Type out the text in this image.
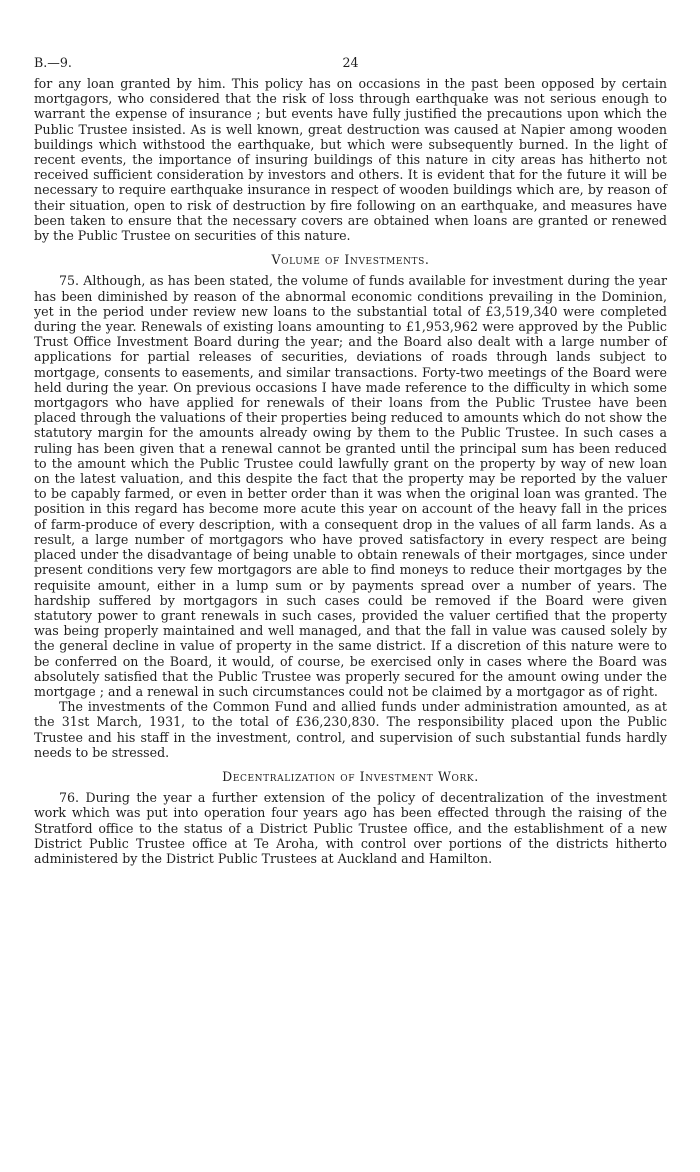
B.—9.	24

for any loan granted by him. This policy has on occasions in the past been opposed by certain mortgagors, who considered that the risk of loss through earthquake was not serious enough to warrant the expense of insurance ; but events have fully justified the precautions upon which the Public Trustee insisted. As is well known, great destruction was caused at Napier among wooden buildings which withstood the earthquake, but which were subsequently burned. In the light of recent events, the importance of insuring buildings of this nature in city areas has hitherto not received sufficient consideration by investors and others. It is evident that for the future it will be necessary to require earthquake insurance in respect of wooden buildings which are, by reason of their situation, open to risk of destruction by fire following on an earthquake, and measures have been taken to ensure that the necessary covers are obtained when loans are granted or renewed by the Public Trustee on securities of this nature.

Volume of Investments.

75. Although, as has been stated, the volume of funds available for investment during the year has been diminished by reason of the abnormal economic conditions prevailing in the Dominion, yet in the period under review new loans to the substantial total of £3,519,340 were completed during the year. Renewals of existing loans amounting to £1,953,962 were approved by the Public Trust Office Investment Board during the year; and the Board also dealt with a large number of applications for partial releases of securities, deviations of roads through lands subject to mortgage, consents to easements, and similar transactions. Forty-two meetings of the Board were held during the year. On previous occasions I have made reference to the difficulty in which some mortgagors who have applied for renewals of their loans from the Public Trustee have been placed through the valuations of their properties being reduced to amounts which do not show the statutory margin for the amounts already owing by them to the Public Trustee. In such cases a ruling has been given that a renewal cannot be granted until the principal sum has been reduced to the amount which the Public Trustee could lawfully grant on the property by way of new loan on the latest valuation, and this despite the fact that the property may be reported by the valuer to be capably farmed, or even in better order than it was when the original loan was granted. The position in this regard has become more acute this year on account of the heavy fall in the prices of farm-produce of every description, with a consequent drop in the values of all farm lands. As a result, a large number of mortgagors who have proved satisfactory in every respect are being placed under the disadvantage of being unable to obtain renewals of their mortgages, since under present conditions very few mortgagors are able to find moneys to reduce their mortgages by the requisite amount, either in a lump sum or by payments spread over a number of years. The hardship suffered by mortgagors in such cases could be removed if the Board were given statutory power to grant renewals in such cases, provided the valuer certified that the property was being properly maintained and well managed, and that the fall in value was caused solely by the general decline in value of property in the same district. If a discretion of this nature were to be conferred on the Board, it would, of course, be exercised only in cases where the Board was absolutely satisfied that the Public Trustee was properly secured for the amount owing under the mortgage ; and a renewal in such circumstances could not be claimed by a mortgagor as of right.

The investments of the Common Fund and allied funds under administration amounted, as at the 31st March, 1931, to the total of £36,230,830. The responsibility placed upon the Public Trustee and his staff in the investment, control, and supervision of such substantial funds hardly needs to be stressed.

Decentralization of Investment Work.

76. During the year a further extension of the policy of decentralization of the investment work which was put into operation four years ago has been effected through the raising of the Stratford office to the status of a District Public Trustee office, and the establishment of a new District Public Trustee office at Te Aroha, with control over portions of the districts hitherto administered by the District Public Trustees at Auckland and Hamilton.
